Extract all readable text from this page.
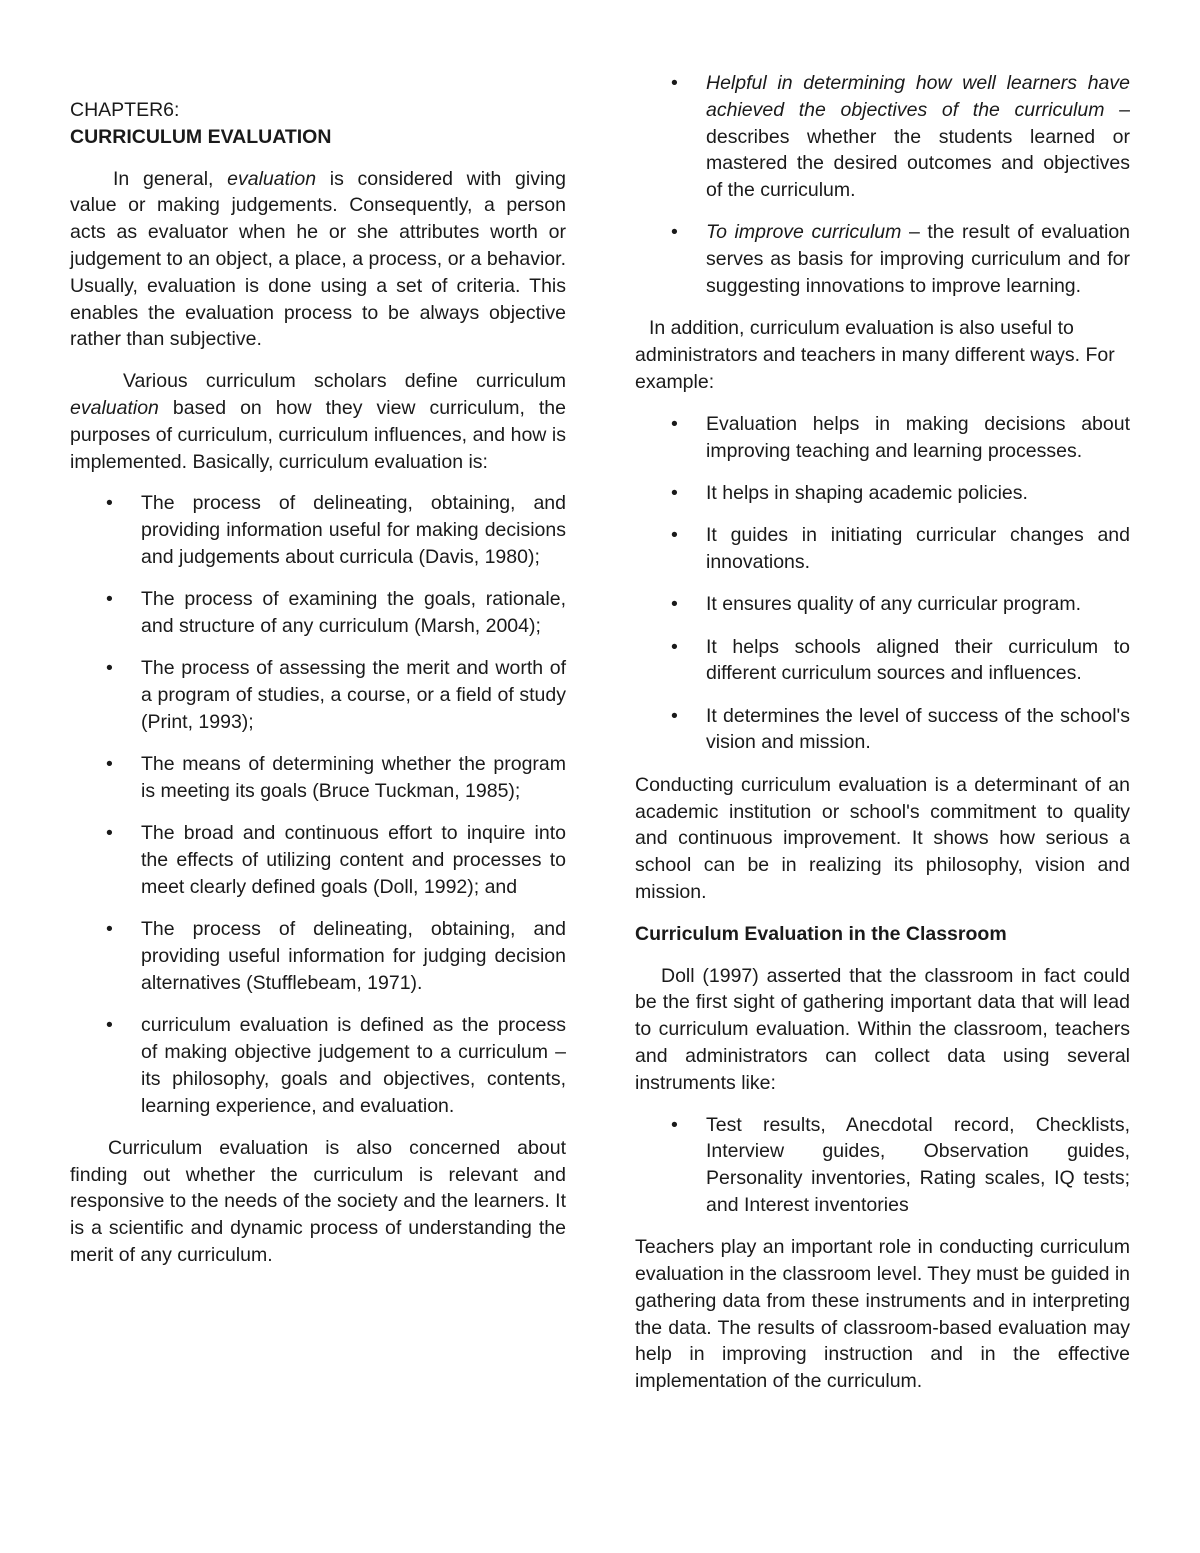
CHAPTER6:

CURRICULUM EVALUATION

In general, evaluation is considered with giving value or making judgements. Consequently, a person acts as evaluator when he or she attributes worth or judgement to an object, a place, a process, or a behavior. Usually, evaluation is done using a set of criteria. This enables the evaluation process to be always objective rather than subjective.

Various curriculum scholars define curriculum evaluation based on how they view curriculum, the purposes of curriculum, curriculum influences, and how is implemented. Basically, curriculum evaluation is:

• The process of delineating, obtaining, and providing information useful for making decisions and judgements about curricula (Davis, 1980);
• The process of examining the goals, rationale, and structure of any curriculum (Marsh, 2004);
• The process of assessing the merit and worth of a program of studies, a course, or a field of study (Print, 1993);
• The means of determining whether the program is meeting its goals (Bruce Tuckman, 1985);
• The broad and continuous effort to inquire into the effects of utilizing content and processes to meet clearly defined goals (Doll, 1992); and
• The process of delineating, obtaining, and providing useful information for judging decision alternatives (Stufflebeam, 1971).
• curriculum evaluation is defined as the process of making objective judgement to a curriculum – its philosophy, goals and objectives, contents, learning experience, and evaluation.

Curriculum evaluation is also concerned about finding out whether the curriculum is relevant and responsive to the needs of the society and the learners. It is a scientific and dynamic process of understanding the merit of any curriculum.

• Helpful in determining how well learners have achieved the objectives of the curriculum – describes whether the students learned or mastered the desired outcomes and objectives of the curriculum.
• To improve curriculum – the result of evaluation serves as basis for improving curriculum and for suggesting innovations to improve learning.

In addition, curriculum evaluation is also useful to administrators and teachers in many different ways. For example:

• Evaluation helps in making decisions about improving teaching and learning processes.
• It helps in shaping academic policies.
• It guides in initiating curricular changes and innovations.
• It ensures quality of any curricular program.
• It helps schools aligned their curriculum to different curriculum sources and influences.
• It determines the level of success of the school's vision and mission.

Conducting curriculum evaluation is a determinant of an academic institution or school's commitment to quality and continuous improvement. It shows how serious a school can be in realizing its philosophy, vision and mission.

Curriculum Evaluation in the Classroom

Doll (1997) asserted that the classroom in fact could be the first sight of gathering important data that will lead to curriculum evaluation. Within the classroom, teachers and administrators can collect data using several instruments like:

• Test results, Anecdotal record, Checklists, Interview guides, Observation guides, Personality inventories, Rating scales, IQ tests; and Interest inventories

Teachers play an important role in conducting curriculum evaluation in the classroom level. They must be guided in gathering data from these instruments and in interpreting the data. The results of classroom-based evaluation may help in improving instruction and in the effective implementation of the curriculum.
